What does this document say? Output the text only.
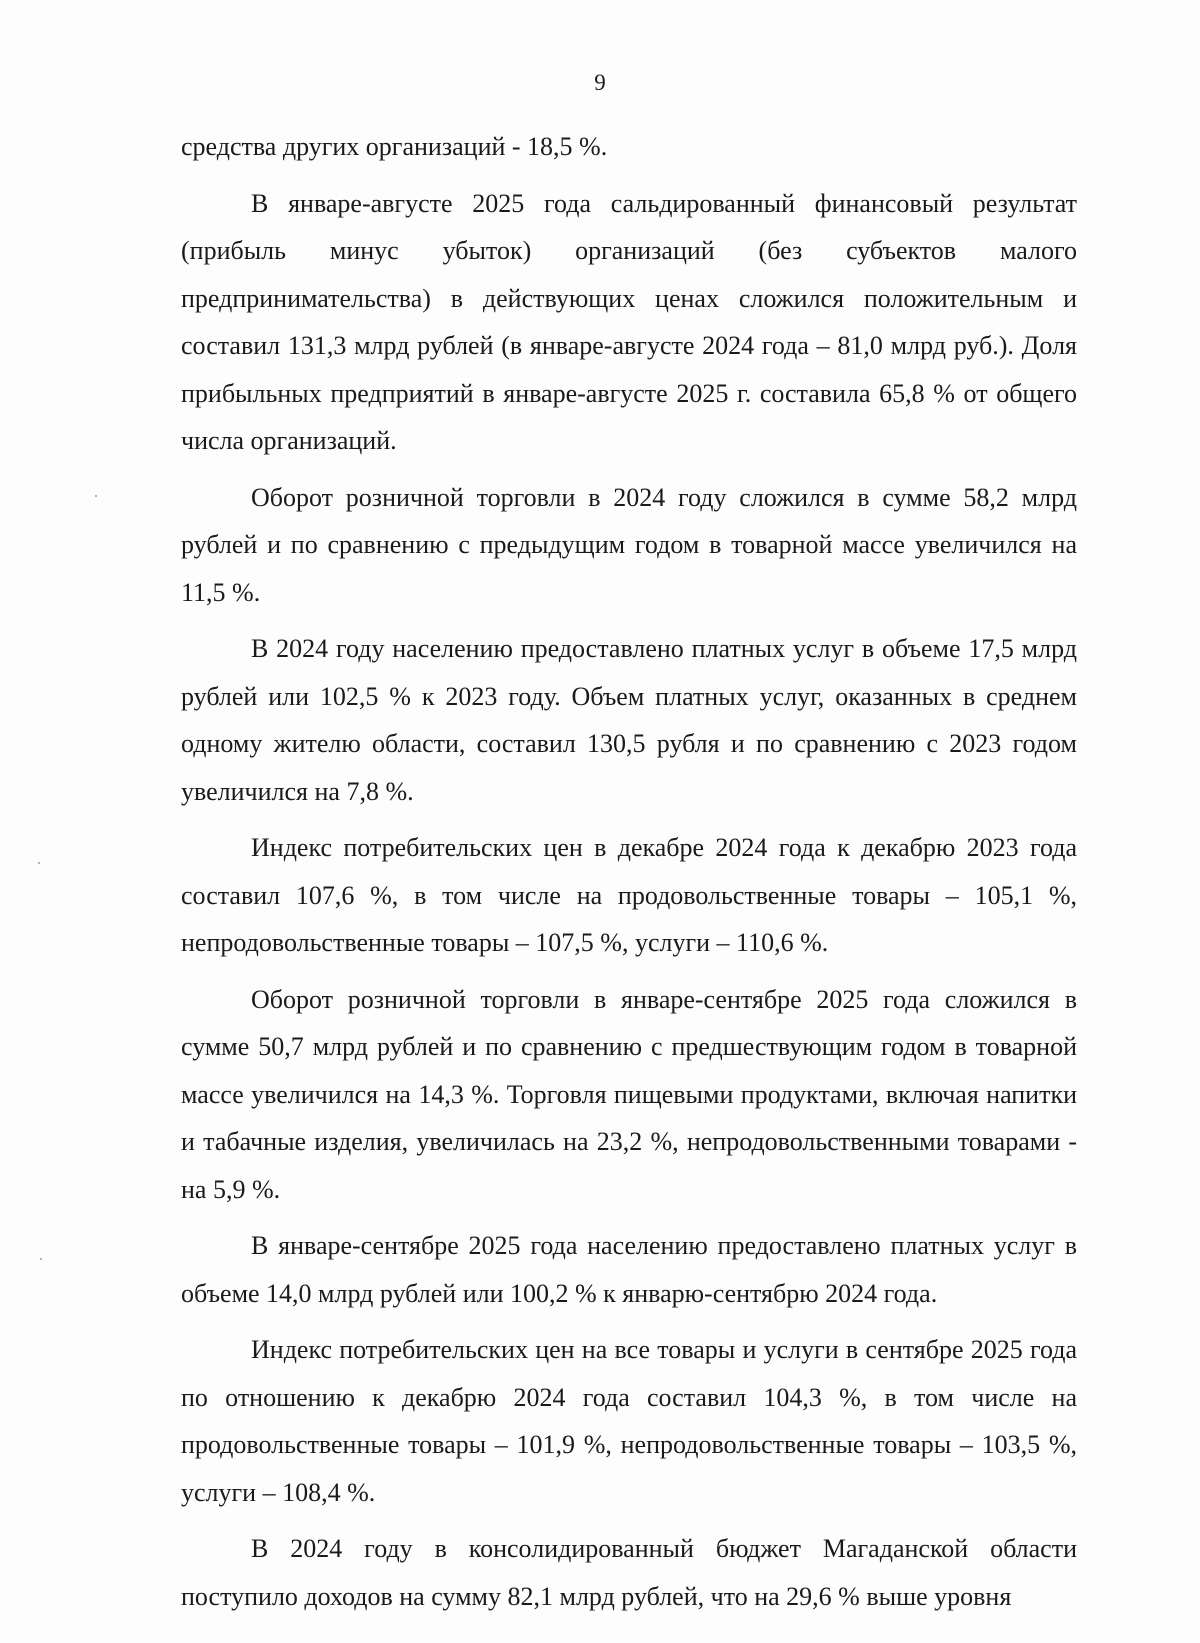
9

средства других организаций - 18,5 %.

В январе-августе 2025 года сальдированный финансовый результат (прибыль минус убыток) организаций (без субъектов малого предпринимательства) в действующих ценах сложился положительным и составил 131,3 млрд рублей (в январе-августе 2024 года – 81,0 млрд руб.). Доля прибыльных предприятий в январе-августе 2025 г. составила 65,8 % от общего числа организаций.

Оборот розничной торговли в 2024 году сложился в сумме 58,2 млрд рублей и по сравнению с предыдущим годом в товарной массе увеличился на 11,5 %.

В 2024 году населению предоставлено платных услуг в объеме 17,5 млрд рублей или 102,5 % к 2023 году. Объем платных услуг, оказанных в среднем одному жителю области, составил 130,5 рубля и по сравнению с 2023 годом увеличился на 7,8 %.

Индекс потребительских цен в декабре 2024 года к декабрю 2023 года составил 107,6 %, в том числе на продовольственные товары – 105,1 %, непродовольственные товары – 107,5 %, услуги – 110,6 %.

Оборот розничной торговли в январе-сентябре 2025 года сложился в сумме 50,7 млрд рублей и по сравнению с предшествующим годом в товарной массе увеличился на 14,3 %. Торговля пищевыми продуктами, включая напитки и табачные изделия, увеличилась на 23,2 %, непродовольственными товарами - на 5,9 %.

В январе-сентябре 2025 года населению предоставлено платных услуг в объеме 14,0 млрд рублей или 100,2 % к январю-сентябрю 2024 года.

Индекс потребительских цен на все товары и услуги в сентябре 2025 года по отношению к декабрю 2024 года составил 104,3 %, в том числе на продовольственные товары – 101,9 %, непродовольственные товары – 103,5 %, услуги – 108,4 %.

В 2024 году в консолидированный бюджет Магаданской области поступило доходов на сумму 82,1 млрд рублей, что на 29,6 % выше уровня
